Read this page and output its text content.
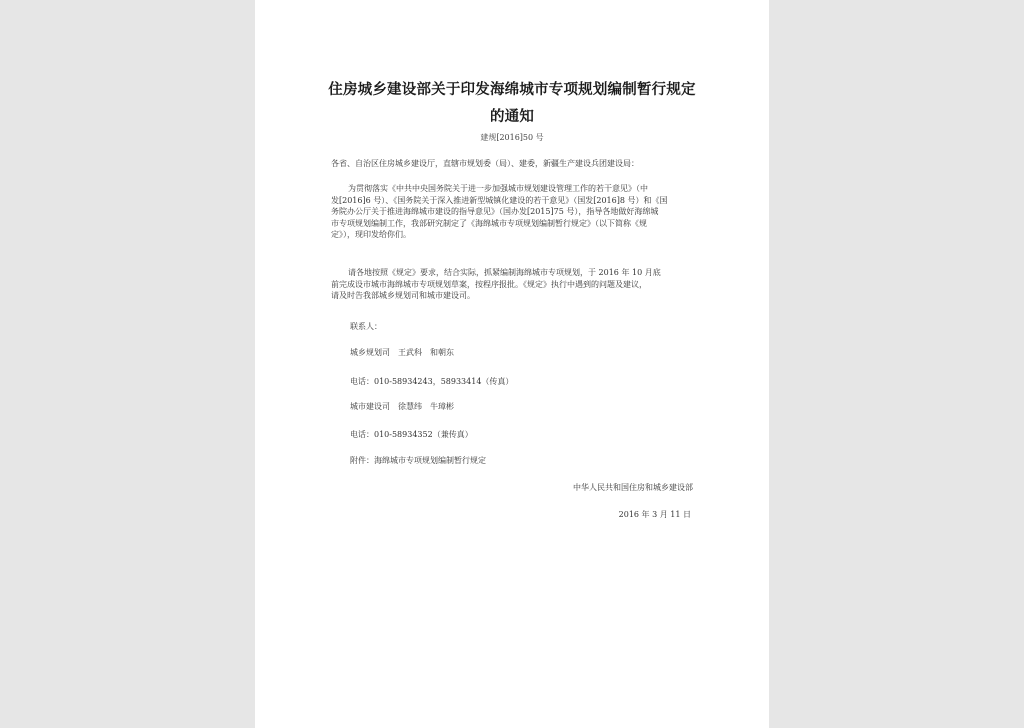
住房城乡建设部关于印发海绵城市专项规划编制暂行规定
的通知
建规[2016]50 号
各省、自治区住房城乡建设厅，直辖市规划委（局）、建委，新疆生产建设兵团建设局：
为贯彻落实《中共中央国务院关于进一步加强城市规划建设管理工作的若干意见》（中
发[2016]6 号）、《国务院关于深入推进新型城镇化建设的若干意见》（国发[2016]8 号）和《国
务院办公厅关于推进海绵城市建设的指导意见》（国办发[2015]75 号），指导各地做好海绵城
市专项规划编制工作，我部研究制定了《海绵城市专项规划编制暂行规定》（以下简称《规
定》），现印发给你们。
请各地按照《规定》要求，结合实际，抓紧编制海绵城市专项规划，于 2016 年 10 月底
前完成设市城市海绵城市专项规划草案，按程序报批。《规定》执行中遇到的问题及建议，
请及时告我部城乡规划司和城市建设司。
联系人：
城乡规划司　王武科　和朝东
电话：010-58934243，58933414（传真）
城市建设司　徐慧纬　牛璋彬
电话：010-58934352（兼传真）
附件：海绵城市专项规划编制暂行规定
中华人民共和国住房和城乡建设部
2016 年 3 月 11 日
